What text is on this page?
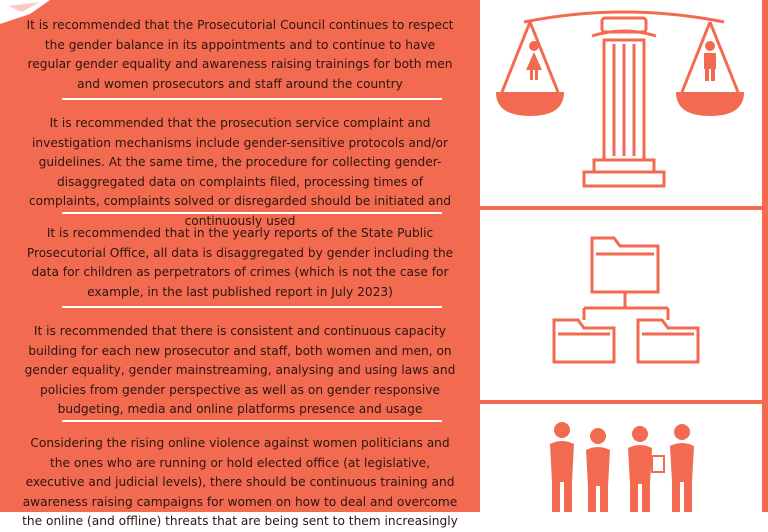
It is recommended that the Prosecutorial Council continues to respect the gender balance in its appointments and to continue to have regular gender equality and awareness raising trainings for both men and women prosecutors and staff around the country
It is recommended that the prosecution service complaint and investigation mechanisms include gender-sensitive protocols and/or guidelines. At the same time, the procedure for collecting gender-disaggregated data on complaints filed, processing times of complaints, complaints solved or disregarded should be initiated and continuously used
It is recommended that in the yearly reports of the State Public Prosecutorial Office, all data is disaggregated by gender including the data for children as perpetrators of crimes (which is not the case for example, in the last published report in July 2023)
It is recommended that there is consistent and continuous capacity building for each new prosecutor and staff, both women and men, on gender equality, gender mainstreaming, analysing and using laws and policies from gender perspective as well as on gender responsive budgeting, media and online platforms presence and usage
Considering the rising online violence against women politicians and the ones who are running or hold elected office (at legislative, executive and judicial levels), there should be continuous training and awareness raising campaigns for women on how to deal and overcome the online (and offline) threats that are being sent to them increasingly
